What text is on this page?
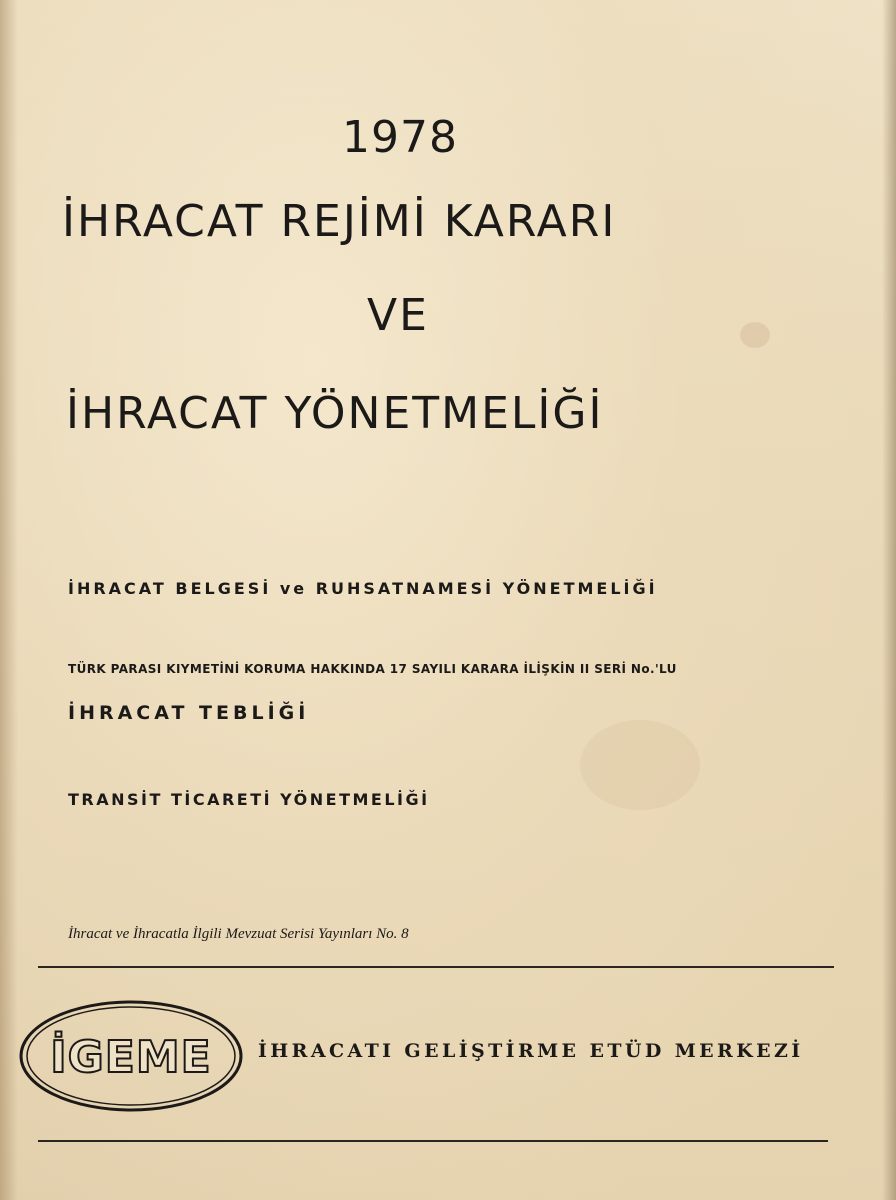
1978
İHRACAT REJİMİ KARARI
VE
İHRACAT YÖNETMELİĞİ
İHRACAT BELGESİ ve RUHSATNAMESİ YÖNETMELİĞİ
TÜRK PARASI KIYMETİNİ KORUMA HAKKINDA 17 SAYILI KARARA İLİŞKİN II SERİ No.'LU
İHRACAT TEBLİĞİ
TRANSİT TİCARETİ YÖNETMELİĞİ
İhracat ve İhracatla İlgili Mevzuat Serisi Yayınları No. 8
İGEME İHRACATI GELİŞTİRME ETÜD MERKEZİ
